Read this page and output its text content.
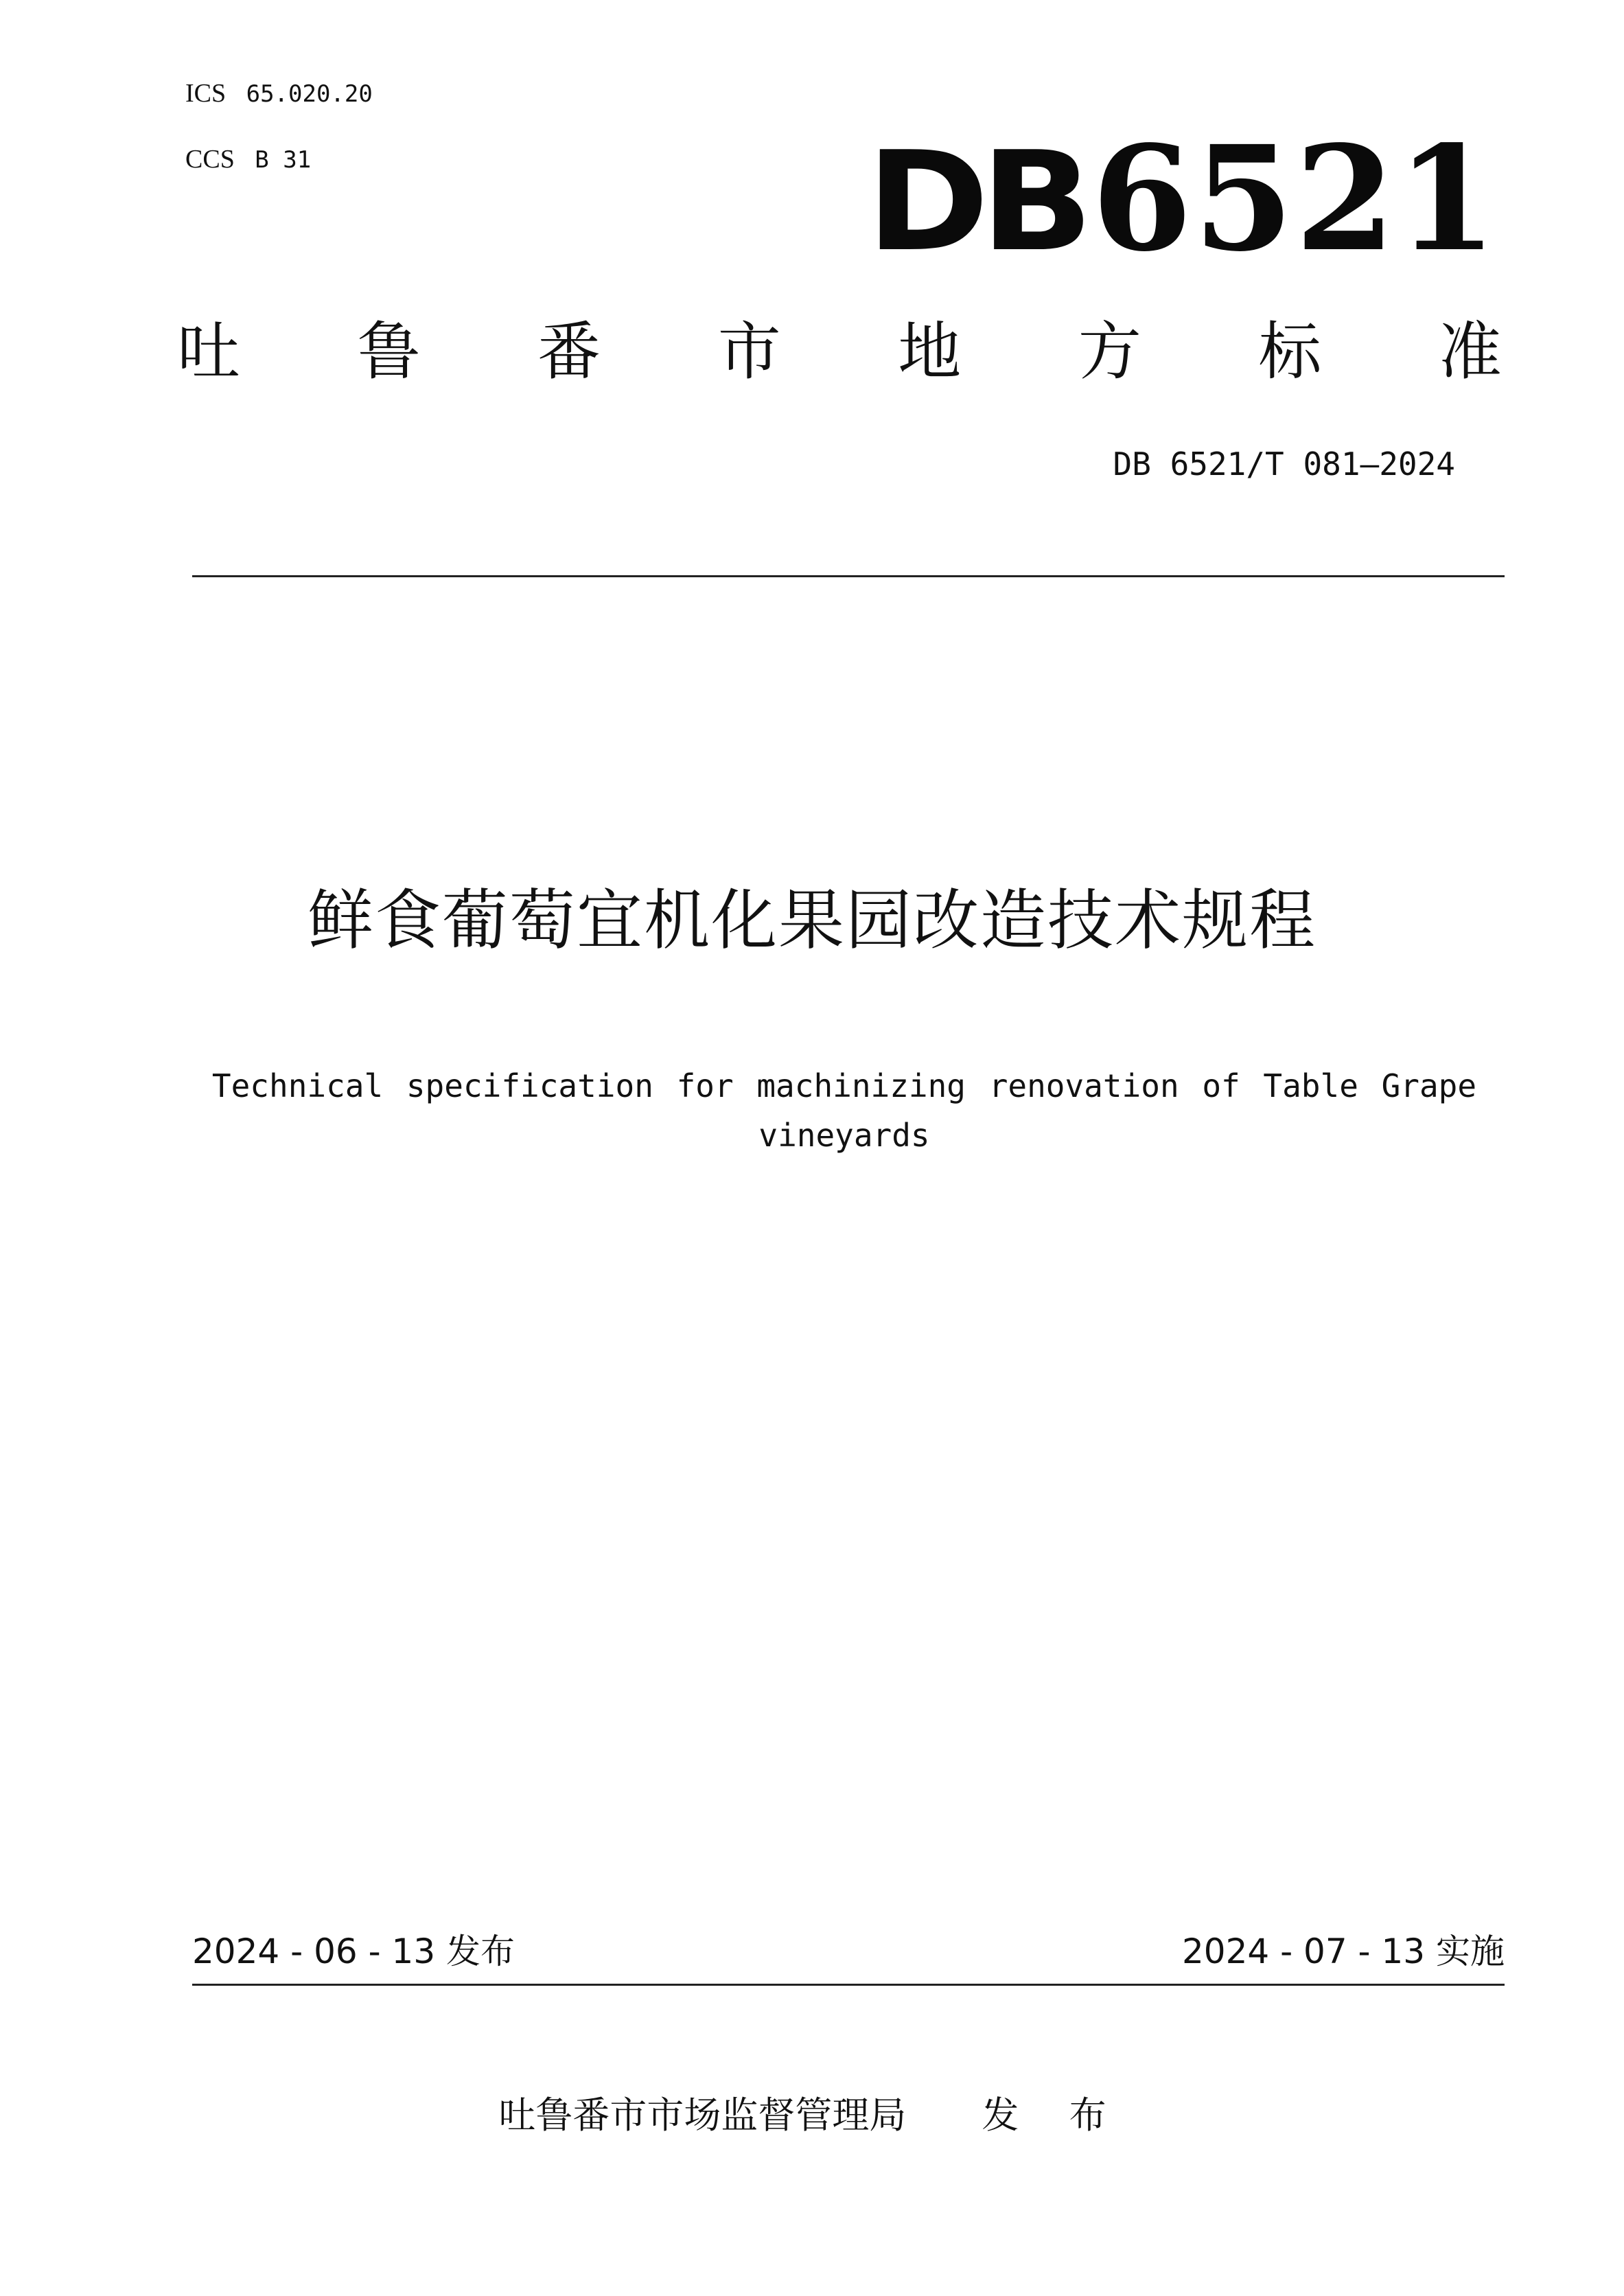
ICS 65.020.20
CCS B 31	DB6521
吐 鲁 番 市 地 方 标 准
DB 6521/T 081—2024
鲜食葡萄宜机化果园改造技术规程
Technical specification for machinizing renovation of Table Grape
vineyards
2024 - 06 - 13 发布	2024 - 07 - 13 实施
吐鲁番市市场监督管理局 发 布
